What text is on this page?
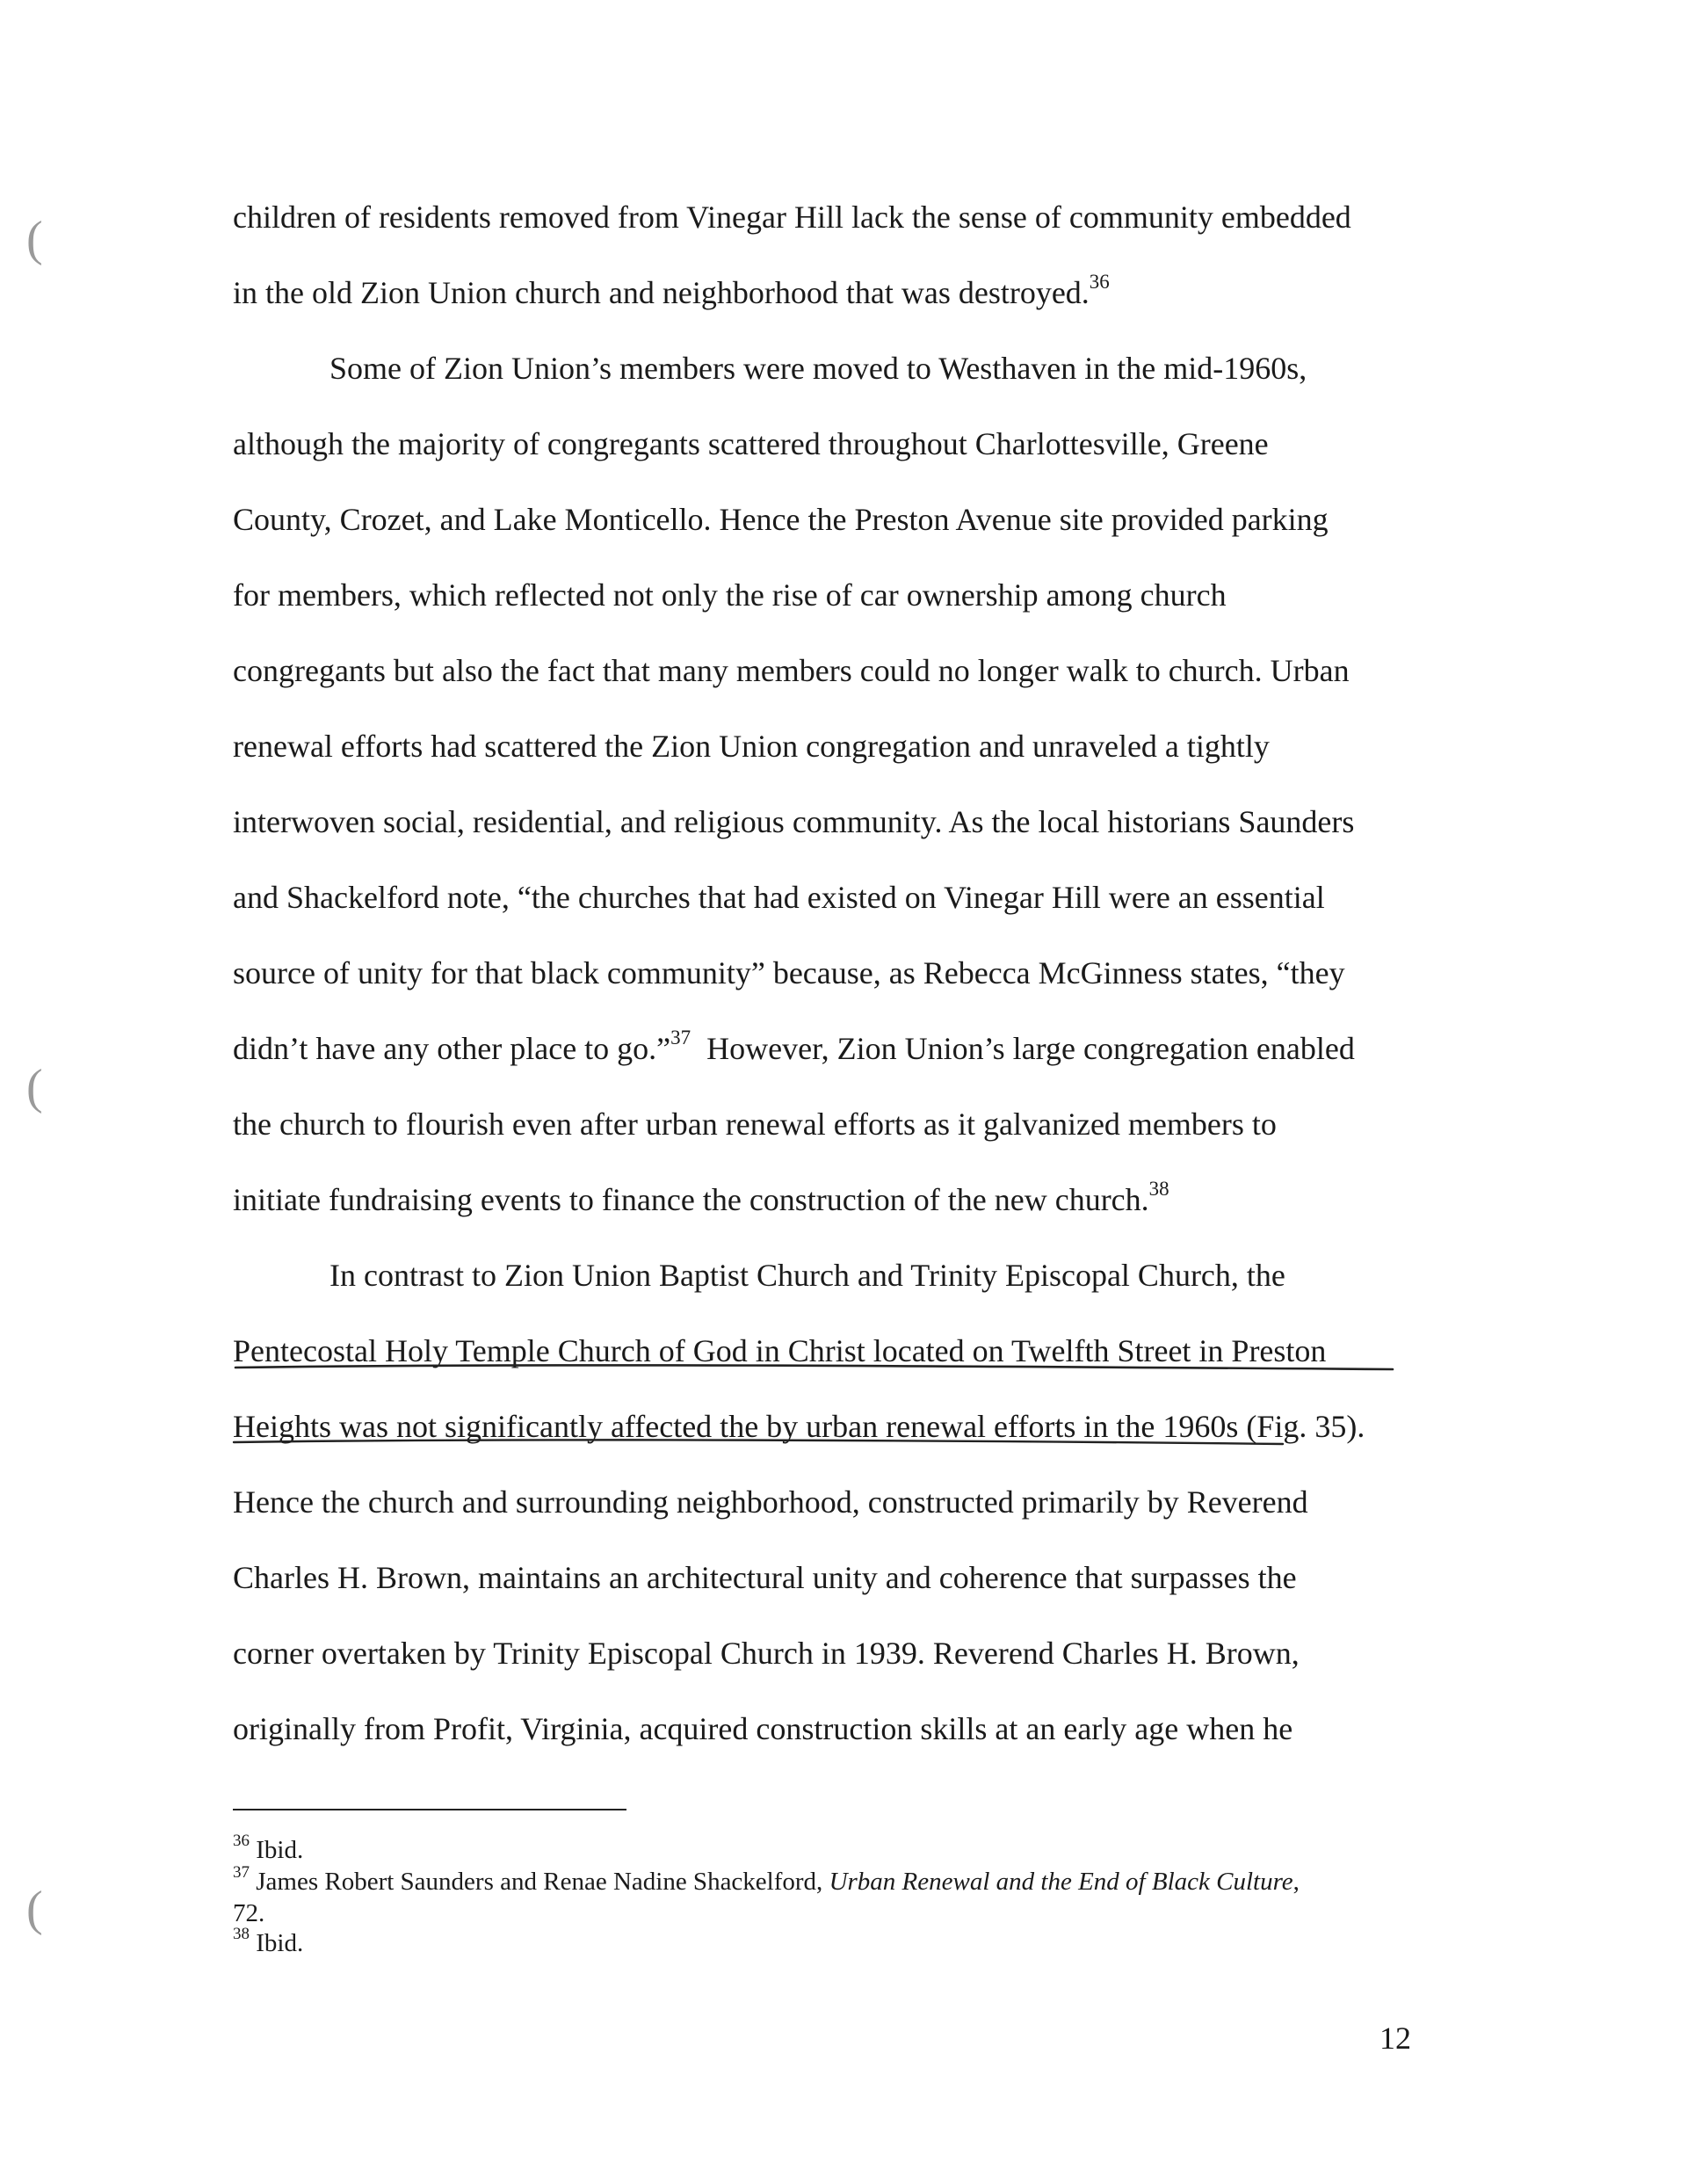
(
(
(

children of residents removed from Vinegar Hill lack the sense of community embedded

in the old Zion Union church and neighborhood that was destroyed.$^{36}$

Some of Zion Union’s members were moved to Westhaven in the mid-1960s,

although the majority of congregants scattered throughout Charlottesville, Greene

County, Crozet, and Lake Monticello. Hence the Preston Avenue site provided parking

for members, which reflected not only the rise of car ownership among church

congregants but also the fact that many members could no longer walk to church. Urban

renewal efforts had scattered the Zion Union congregation and unraveled a tightly

interwoven social, residential, and religious community. As the local historians Saunders

and Shackelford note, “the churches that had existed on Vinegar Hill were an essential

source of unity for that black community” because, as Rebecca McGinness states, “they

didn’t have any other place to go.”$^{37}$  However, Zion Union’s large congregation enabled

the church to flourish even after urban renewal efforts as it galvanized members to

initiate fundraising events to finance the construction of the new church.$^{38}$

In contrast to Zion Union Baptist Church and Trinity Episcopal Church, the

Pentecostal Holy Temple Church of God in Christ located on Twelfth Street in Preston

Heights was not significantly affected the by urban renewal efforts in the 1960s (Fig. 35).

Hence the church and surrounding neighborhood, constructed primarily by Reverend

Charles H. Brown, maintains an architectural unity and coherence that surpasses the

corner overtaken by Trinity Episcopal Church in 1939. Reverend Charles H. Brown,

originally from Profit, Virginia, acquired construction skills at an early age when he

$^{36}$ Ibid.

$^{37}$ James Robert Saunders and Renae Nadine Shackelford, Urban Renewal and the End of Black Culture,

72.

$^{38}$ Ibid.

12
